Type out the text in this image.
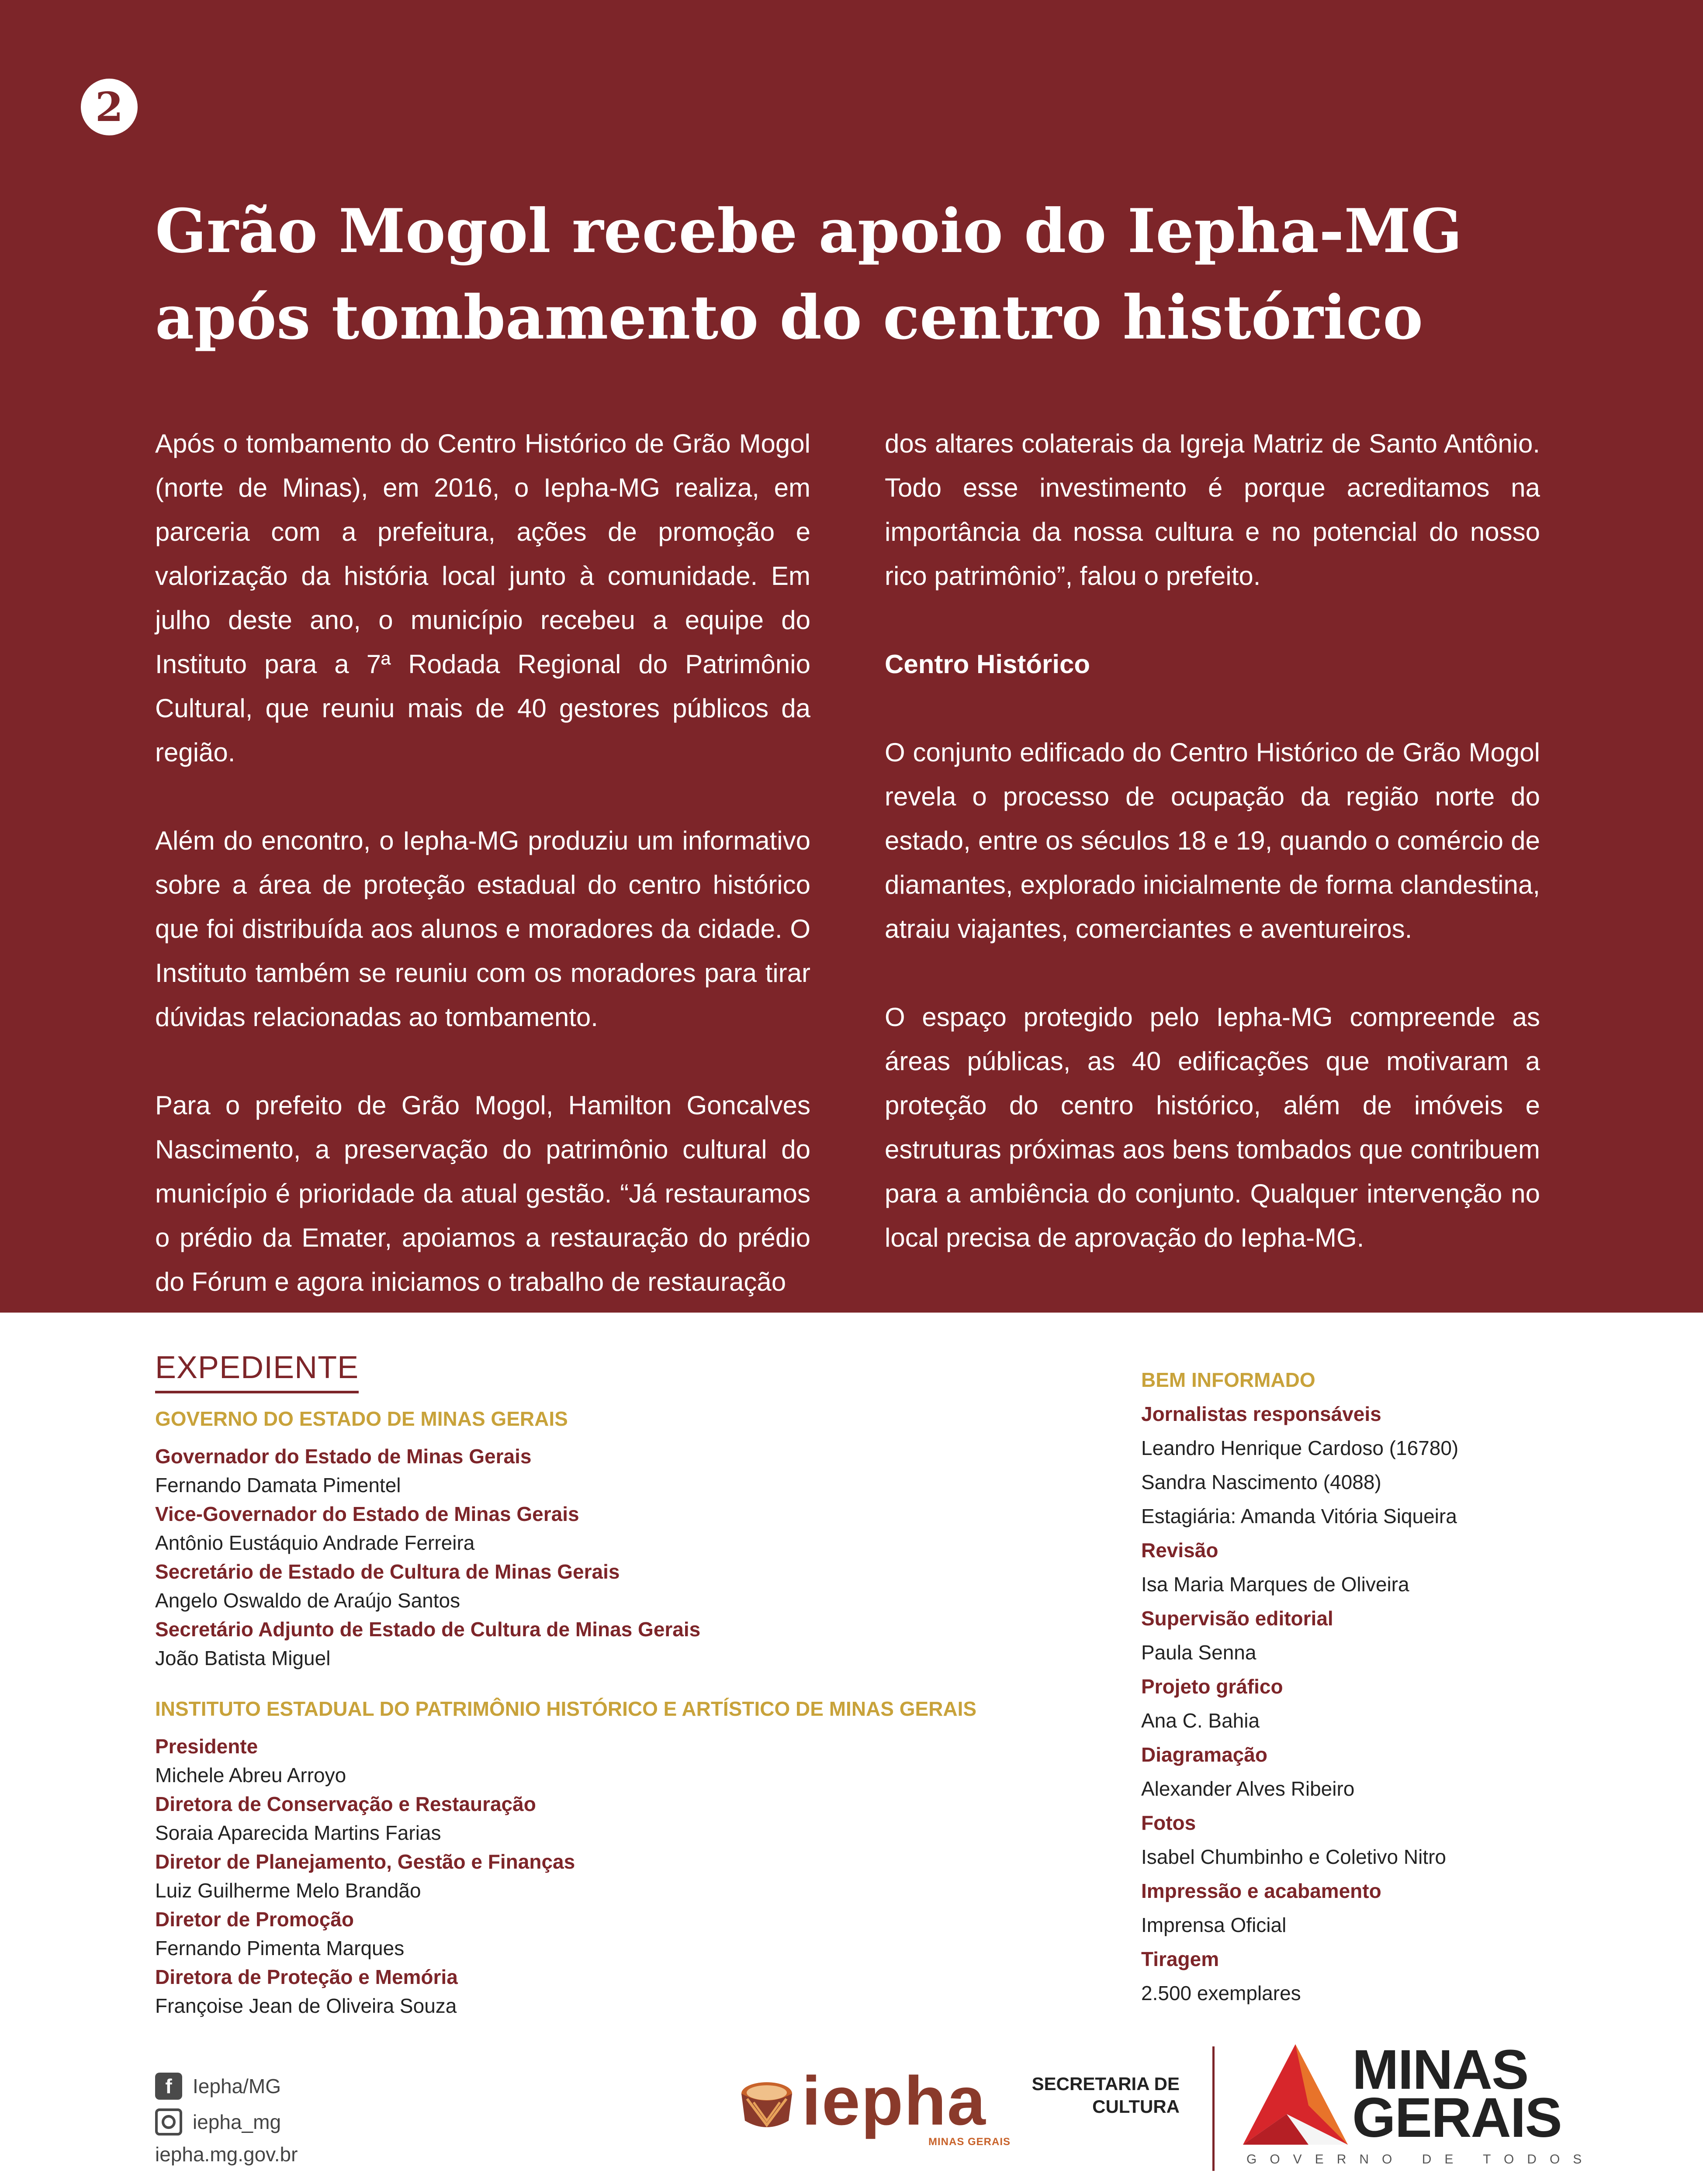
2
Grão Mogol recebe apoio do Iepha-MG
após tombamento do centro histórico

Após o tombamento do Centro Histórico de Grão Mogol (norte de Minas), em 2016, o Iepha-MG realiza, em parceria com a prefeitura, ações de promoção e valorização da história local junto à comunidade. Em julho deste ano, o município recebeu a equipe do Instituto para a 7ª Rodada Regional do Patrimônio Cultural, que reuniu mais de 40 gestores públicos da região.

Além do encontro, o Iepha-MG produziu um informativo sobre a área de proteção estadual do centro histórico que foi distribuída aos alunos e moradores da cidade. O Instituto também se reuniu com os moradores para tirar dúvidas relacionadas ao tombamento.

Para o prefeito de Grão Mogol, Hamilton Goncalves Nascimento, a preservação do patrimônio cultural do município é prioridade da atual gestão. “Já restauramos o prédio da Emater, apoiamos a restauração do prédio do Fórum e agora iniciamos o trabalho de restauração

dos altares colaterais da Igreja Matriz de Santo Antônio. Todo esse investimento é porque acreditamos na importância da nossa cultura e no potencial do nosso rico patrimônio”, falou o prefeito.

Centro Histórico

O conjunto edificado do Centro Histórico de Grão Mogol revela o processo de ocupação da região norte do estado, entre os séculos 18 e 19, quando o comércio de diamantes, explorado inicialmente de forma clandestina, atraiu viajantes, comerciantes e aventureiros.

O espaço protegido pelo Iepha-MG compreende as áreas públicas, as 40 edificações que motivaram a proteção do centro histórico, além de imóveis e estruturas próximas aos bens tombados que contribuem para a ambiência do conjunto. Qualquer intervenção no local precisa de aprovação do Iepha-MG.

EXPEDIENTE
GOVERNO DO ESTADO DE MINAS GERAIS
Governador do Estado de Minas Gerais
Fernando Damata Pimentel
Vice-Governador do Estado de Minas Gerais
Antônio Eustáquio Andrade Ferreira
Secretário de Estado de Cultura de Minas Gerais
Angelo Oswaldo de Araújo Santos
Secretário Adjunto de Estado de Cultura de Minas Gerais
João Batista Miguel
INSTITUTO ESTADUAL DO PATRIMÔNIO HISTÓRICO E ARTÍSTICO DE MINAS GERAIS
Presidente
Michele Abreu Arroyo
Diretora de Conservação e Restauração
Soraia Aparecida Martins Farias
Diretor de Planejamento, Gestão e Finanças
Luiz Guilherme Melo Brandão
Diretor de Promoção
Fernando Pimenta Marques
Diretora de Proteção e Memória
Françoise Jean de Oliveira Souza
BEM INFORMADO
Jornalistas responsáveis
Leandro Henrique Cardoso (16780)
Sandra Nascimento (4088)
Estagiária: Amanda Vitória Siqueira
Revisão
Isa Maria Marques de Oliveira
Supervisão editorial
Paula Senna
Projeto gráfico
Ana C. Bahia
Diagramação
Alexander Alves Ribeiro
Fotos
Isabel Chumbinho e Coletivo Nitro
Impressão e acabamento
Imprensa Oficial
Tiragem
2.500 exemplares
f	Iepha/MG
iepha_mg
iepha.mg.gov.br
iepha
MINAS GERAIS
SECRETARIA DE
CULTURA
MINAS
GERAIS
GOVERNO DE TODOS
